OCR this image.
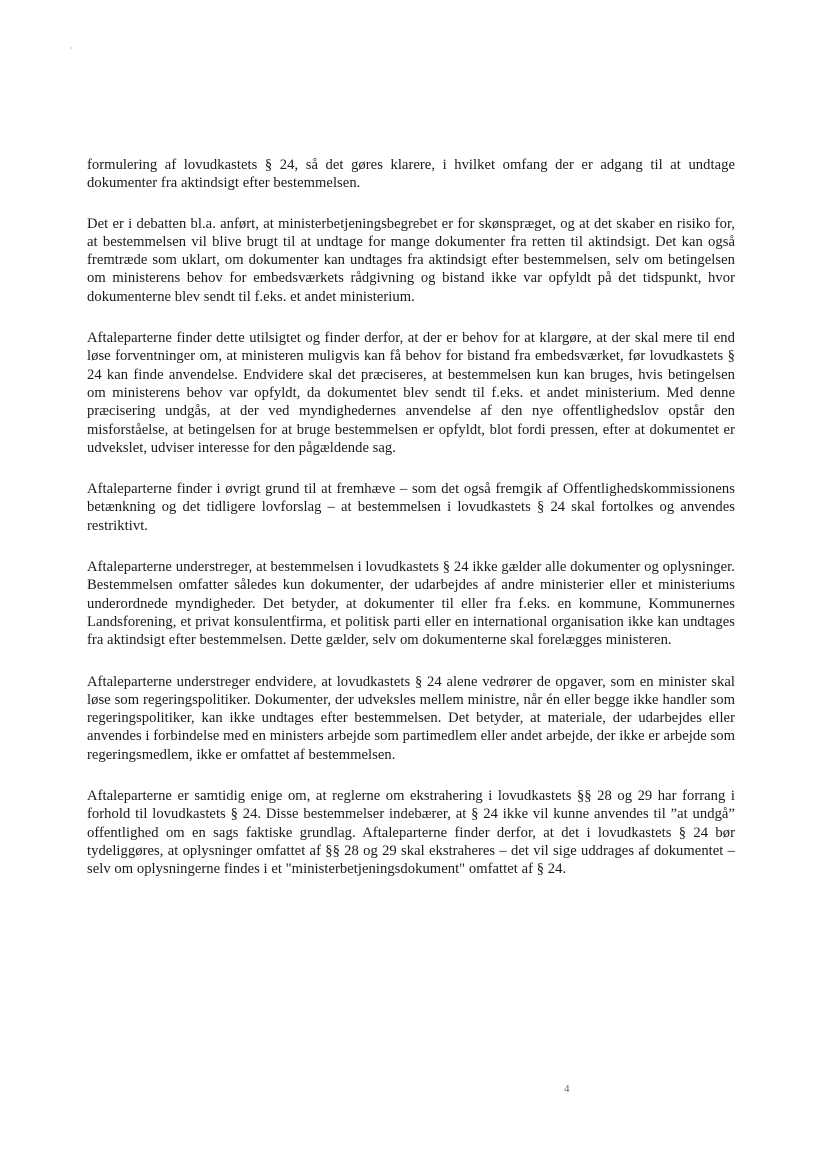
formulering af lovudkastets § 24, så det gøres klarere, i hvilket omfang der er adgang til at undtage dokumenter fra aktindsigt efter bestemmelsen.

Det er i debatten bl.a. anført, at ministerbetjeningsbegrebet er for skønspræget, og at det skaber en risiko for, at bestemmelsen vil blive brugt til at undtage for mange dokumenter fra retten til aktindsigt. Det kan også fremtræde som uklart, om dokumenter kan undtages fra aktindsigt efter bestemmelsen, selv om betingelsen om ministerens behov for embedsværkets rådgivning og bistand ikke var opfyldt på det tidspunkt, hvor dokumenterne blev sendt til f.eks. et andet ministerium.

Aftaleparterne finder dette utilsigtet og finder derfor, at der er behov for at klargøre, at der skal mere til end løse forventninger om, at ministeren muligvis kan få behov for bistand fra embedsværket, før lovudkastets § 24 kan finde anvendelse. Endvidere skal det præciseres, at bestemmelsen kun kan bruges, hvis betingelsen om ministerens behov var opfyldt, da dokumentet blev sendt til f.eks. et andet ministerium. Med denne præcisering undgås, at der ved myndighedernes anvendelse af den nye offentlighedslov opstår den misforståelse, at betingelsen for at bruge bestemmelsen er opfyldt, blot fordi pressen, efter at dokumentet er udvekslet, udviser interesse for den pågældende sag.

Aftaleparterne finder i øvrigt grund til at fremhæve – som det også fremgik af Offentlighedskommissionens betænkning og det tidligere lovforslag – at bestemmelsen i lovudkastets § 24 skal fortolkes og anvendes restriktivt.

Aftaleparterne understreger, at bestemmelsen i lovudkastets § 24 ikke gælder alle dokumenter og oplysninger. Bestemmelsen omfatter således kun dokumenter, der udarbejdes af andre ministerier eller et ministeriums underordnede myndigheder. Det betyder, at dokumenter til eller fra f.eks. en kommune, Kommunernes Landsforening, et privat konsulentfirma, et politisk parti eller en international organisation ikke kan undtages fra aktindsigt efter bestemmelsen. Dette gælder, selv om dokumenterne skal forelægges ministeren.

Aftaleparterne understreger endvidere, at lovudkastets § 24 alene vedrører de opgaver, som en minister skal løse som regeringspolitiker. Dokumenter, der udveksles mellem ministre, når én eller begge ikke handler som regeringspolitiker, kan ikke undtages efter bestemmelsen. Det betyder, at materiale, der udarbejdes eller anvendes i forbindelse med en ministers arbejde som partimedlem eller andet arbejde, der ikke er arbejde som regeringsmedlem, ikke er omfattet af bestemmelsen.

Aftaleparterne er samtidig enige om, at reglerne om ekstrahering i lovudkastets §§ 28 og 29 har forrang i forhold til lovudkastets § 24. Disse bestemmelser indebærer, at § 24 ikke vil kunne anvendes til ”at undgå” offentlighed om en sags faktiske grundlag. Aftaleparterne finder derfor, at det i lovudkastets § 24 bør tydeliggøres, at oplysninger omfattet af §§ 28 og 29 skal ekstraheres – det vil sige uddrages af dokumentet – selv om oplysningerne findes i et "ministerbetjeningsdokument" omfattet af § 24.

4
